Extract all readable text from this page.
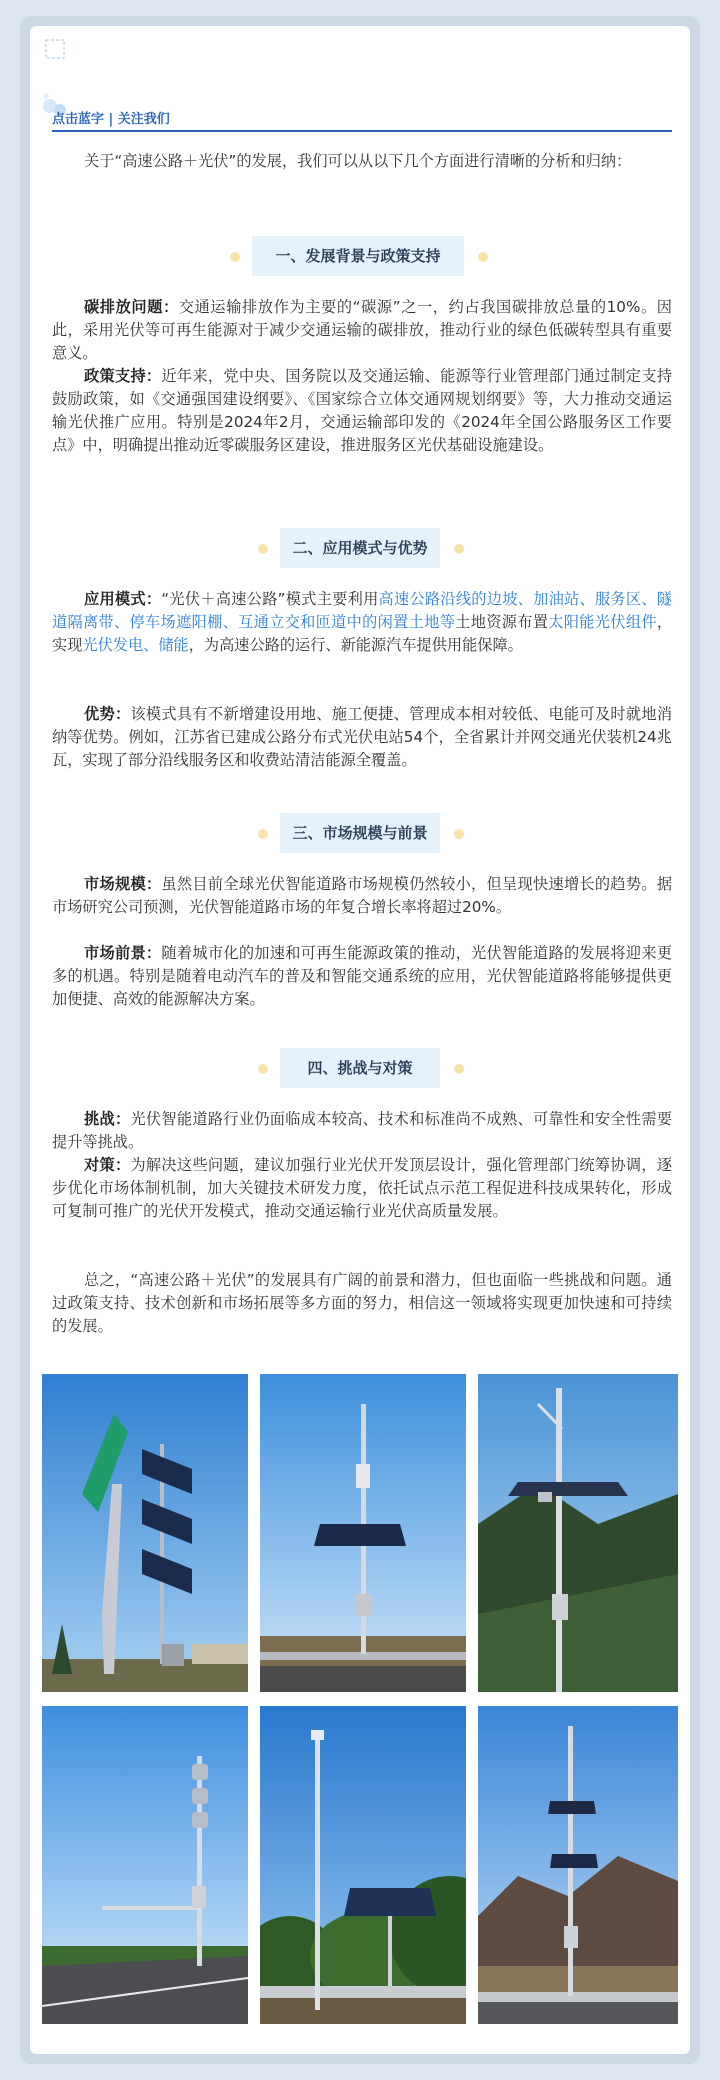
点击蓝字 | 关注我们

关于“高速公路＋光伏”的发展，我们可以从以下几个方面进行清晰的分析和归纳：

一、发展背景与政策支持

碳排放问题：交通运输排放作为主要的“碳源”之一，约占我国碳排放总量的10%。因此，采用光伏等可再生能源对于减少交通运输的碳排放，推动行业的绿色低碳转型具有重要意义。

政策支持：近年来，党中央、国务院以及交通运输、能源等行业管理部门通过制定支持鼓励政策，如《交通强国建设纲要》、《国家综合立体交通网规划纲要》等，大力推动交通运输光伏推广应用。特别是2024年2月，交通运输部印发的《2024年全国公路服务区工作要点》中，明确提出推动近零碳服务区建设，推进服务区光伏基础设施建设。

二、应用模式与优势

应用模式：“光伏＋高速公路”模式主要利用高速公路沿线的边坡、加油站、服务区、隧道隔离带、停车场遮阳棚、互通立交和匝道中的闲置土地等土地资源布置太阳能光伏组件，实现光伏发电、储能，为高速公路的运行、新能源汽车提供用能保障。

优势：该模式具有不新增建设用地、施工便捷、管理成本相对较低、电能可及时就地消纳等优势。例如，江苏省已建成公路分布式光伏电站54个，全省累计并网交通光伏装机24兆瓦，实现了部分沿线服务区和收费站清洁能源全覆盖。

三、市场规模与前景

市场规模：虽然目前全球光伏智能道路市场规模仍然较小，但呈现快速增长的趋势。据市场研究公司预测，光伏智能道路市场的年复合增长率将超过20%。

市场前景：随着城市化的加速和可再生能源政策的推动，光伏智能道路的发展将迎来更多的机遇。特别是随着电动汽车的普及和智能交通系统的应用，光伏智能道路将能够提供更加便捷、高效的能源解决方案。

四、挑战与对策

挑战：光伏智能道路行业仍面临成本较高、技术和标准尚不成熟、可靠性和安全性需要提升等挑战。

对策：为解决这些问题，建议加强行业光伏开发顶层设计，强化管理部门统筹协调，逐步优化市场体制机制，加大关键技术研发力度，依托试点示范工程促进科技成果转化，形成可复制可推广的光伏开发模式，推动交通运输行业光伏高质量发展。

总之，“高速公路＋光伏”的发展具有广阔的前景和潜力，但也面临一些挑战和问题。通过政策支持、技术创新和市场拓展等多方面的努力，相信这一领域将实现更加快速和可持续的发展。
